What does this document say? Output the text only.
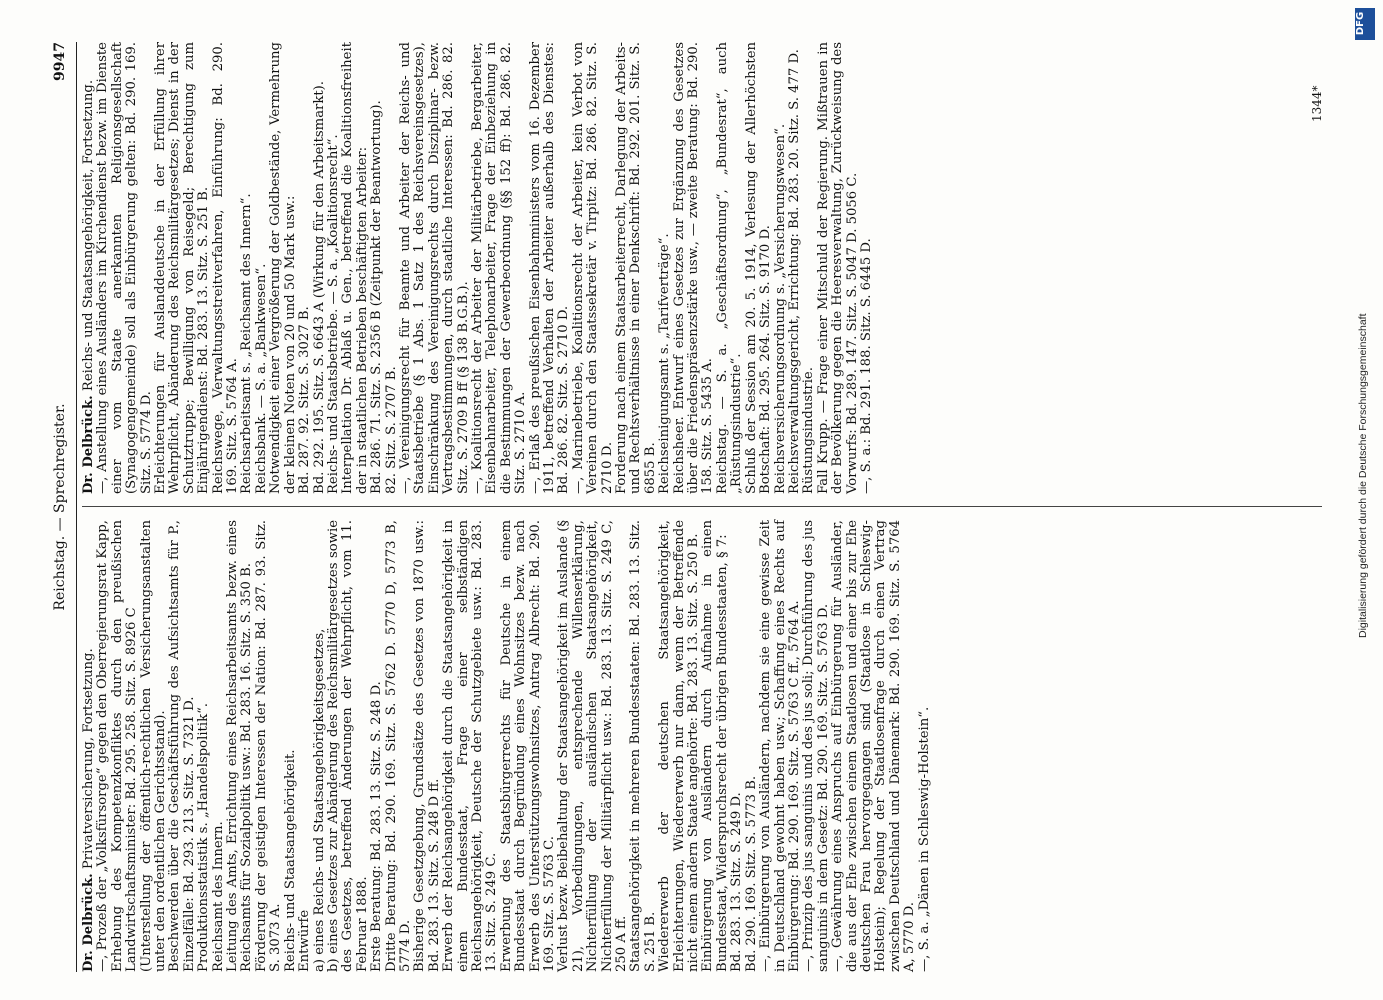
Reichstag. — Sprechregister.
9947

Dr. Delbrück. Privatversicherung, Fortsetzung. —, Prozeß der „Volksfürsorge“ gegen den Oberregierungsrat Kapp, Erhebung des Kompetenzkonfliktes durch den preußischen Landwirtschaftsminister: Bd. 295. 258. Sitz. S. 8926 C (Unterstellung der öffentlich-rechtlichen Versicherungsanstalten unter den ordentlichen Gerichtsstand). Beschwerden über die Geschäftsführung des Aufsichtsamts für P., Einzelfälle: Bd. 293. 213. Sitz. S. 7321 D. Produktionsstatistik s. „Handelspolitik“. Reichsamt des Innern. Leitung des Amts, Errichtung eines Reichsarbeitsamts bezw. eines Reichsamts für Sozialpolitik usw.: Bd. 283. 16. Sitz. S. 350 B. Förderung der geistigen Interessen der Nation: Bd. 287. 93. Sitz. S. 3073 A. Reichs- und Staatsangehörigkeit. Entwürfe a) eines Reichs- und Staatsangehörigkeitsgesetzes, b) eines Gesetzes zur Abänderung des Reichsmilitärgesetzes sowie des Gesetzes, betreffend Änderungen der Wehrpflicht, vom 11. Februar 1888. Erste Beratung: Bd. 283. 13. Sitz. S. 248 D. Dritte Beratung: Bd. 290. 169. Sitz. S. 5762 D. 5770 D, 5773 B, 5774 D. Bisherige Gesetzgebung, Grundsätze des Gesetzes von 1870 usw.: Bd. 283. 13. Sitz. S. 248 D ff. Erwerb der Reichsangehörigkeit durch die Staatsangehörigkeit in einem Bundesstaat, Frage einer selbständigen Reichsangehörigkeit, Deutsche der Schutzgebiete usw.: Bd. 283. 13. Sitz. S. 249 C. Erwerbung des Staatsbürgerrechts für Deutsche in einem Bundesstaat durch Begründung eines Wohnsitzes bezw. nach Erwerb des Unterstützungswohnsitzes, Antrag Albrecht: Bd. 290. 169. Sitz. S. 5763 C. Verlust bezw. Beibehaltung der Staatsangehörigkeit im Auslande (§ 21), Vorbedingungen, entsprechende Willenserklärung, Nichterfüllung der ausländischen Staatsangehörigkeit, Nichterfüllung der Militärpflicht usw.: Bd. 283. 13. Sitz. S. 249 C, 250 A ff. Staatsangehörigkeit in mehreren Bundesstaaten: Bd. 283. 13. Sitz. S. 251 B. Wiedererwerb der deutschen Staatsangehörigkeit, Erleichterungen, Wiedererwerb nur dann, wenn der Betreffende nicht einem andern Staate angehörte: Bd. 283. 13. Sitz. S. 250 B. Einbürgerung von Ausländern durch Aufnahme in einen Bundesstaat, Widerspruchsrecht der übrigen Bundesstaaten, § 7: Bd. 283. 13. Sitz. S. 249 D. Bd. 290. 169. Sitz. S. 5773 B. —, Einbürgerung von Ausländern, nachdem sie eine gewisse Zeit in Deutschland gewohnt haben usw.; Schaffung eines Rechts auf Einbürgerung: Bd. 290. 169. Sitz. S. 5763 C ff., 5764 A. —, Prinzip des jus sanguinis und des jus soli; Durchführung des jus sanguinis in dem Gesetz: Bd. 290. 169. Sitz. S. 5763 D. —, Gewährung eines Anspruchs auf Einbürgerung für Ausländer, die aus der Ehe zwischen einem Staatlosen und einer bis zur Ehe deutschen Frau hervorgegangen sind (Staatlose in Schleswig-Holstein); Regelung der Staatlosenfrage durch einen Vertrag zwischen Deutschland und Dänemark: Bd. 290. 169. Sitz. S. 5764 A, 5770 D. —, S. a. „Dänen in Schleswig-Holstein“.

Dr. Delbrück. Reichs- und Staatsangehörigkeit, Fortsetzung. —, Anstellung eines Ausländers im Kirchendienst bezw. im Dienste einer vom Staate anerkannten Religionsgesellschaft (Synagogengemeinde) soll als Einbürgerung gelten: Bd. 290. 169. Sitz. S. 5774 D. Erleichterungen für Auslanddeutsche in der Erfüllung ihrer Wehrpflicht, Abänderung des Reichsmilitärgesetzes; Dienst in der Schutztruppe; Bewilligung von Reisegeld; Berechtigung zum Einjährigendienst: Bd. 283. 13. Sitz. S. 251 B. Reichswege, Verwaltungsstreitverfahren, Einführung: Bd. 290. 169. Sitz. S. 5764 A. Reichsarbeitsamt s. „Reichsamt des Innern“. Reichsbank. — S. a. „Bankwesen“. Notwendigkeit einer Vergrößerung der Goldbestände, Vermehrung der kleinen Noten von 20 und 50 Mark usw.: Bd. 287. 92. Sitz. S. 3027 B. Bd. 292. 195. Sitz. S. 6643 A (Wirkung für den Arbeitsmarkt). Reichs- und Staatsbetriebe. — S. a. „Koalitionsrecht“. Interpellation Dr. Ablaß u. Gen., betreffend die Koalitionsfreiheit der in staatlichen Betrieben beschäftigten Arbeiter: Bd. 286. 71. Sitz. S. 2356 B (Zeitpunkt der Beantwortung). 82. Sitz. S. 2707 B. —, Vereinigungsrecht für Beamte und Arbeiter der Reichs- und Staatsbetriebe (§ 1 Abs. 1 Satz 1 des Reichsvereinsgesetzes), Einschränkung des Vereinigungsrechts durch Disziplinar- bezw. Vertragsbestimmungen, durch staatliche Interessen: Bd. 286. 82. Sitz. S. 2709 B ff (§ 138 B.G.B.). —, Koalitionsrecht der Arbeiter der Militärbetriebe, Bergarbeiter, Eisenbahnarbeiter, Telephonarbeiter, Frage der Einbeziehung in die Bestimmungen der Gewerbeordnung (§§ 152 ff): Bd. 286. 82. Sitz. S. 2710 A. —, Erlaß des preußischen Eisenbahnministers vom 16. Dezember 1911, betreffend Verhalten der Arbeiter außerhalb des Dienstes: Bd. 286. 82. Sitz. S. 2710 D. —, Marinebetriebe, Koalitionsrecht der Arbeiter, kein Verbot von Vereinen durch den Staatssekretär v. Tirpitz: Bd. 286. 82. Sitz. S. 2710 D. Forderung nach einem Staatsarbeiterrecht, Darlegung der Arbeits- und Rechtsverhältnisse in einer Denkschrift: Bd. 292. 201. Sitz. S. 6855 B. Reichseinigungsamt s. „Tarifverträge“. Reichsheer. Entwurf eines Gesetzes zur Ergänzung des Gesetzes über die Friedenspräsenzstärke usw., — zweite Beratung: Bd. 290. 158. Sitz. S. 5435 A. Reichstag. — S. a. „Geschäftsordnung“, „Bundesrat“, auch „Rüstungsindustrie“. Schluß der Session am 20. 5. 1914, Verlesung der Allerhöchsten Botschaft: Bd. 295. 264. Sitz. S. 9170 D. Reichsversicherungsordnung s. „Versicherungswesen“. Reichsverwaltungsgericht, Errichtung: Bd. 283. 20. Sitz. S. 477 D. Rüstungsindustrie. Fall Krupp. — Frage einer Mitschuld der Regierung. Mißtrauen in der Bevölkerung gegen die Heeresverwaltung, Zurückweisung des Vorwurfs: Bd. 289. 147. Sitz. S. 5047 D. 5056 C. —, S. a.: Bd. 291. 188. Sitz. S. 6445 D.

1344*
DFG
Digitalisierung gefördert durch die Deutsche Forschungsgemeinschaft
